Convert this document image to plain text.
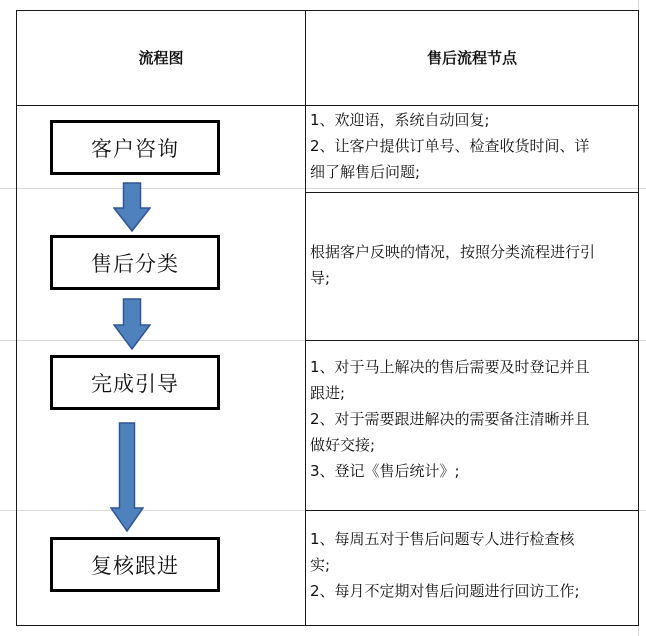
流程图	售后流程节点
客户咨询
售后分类
完成引导
复核跟进

1、欢迎语，系统自动回复;

2、让客户提供订单号、检查收货时间、详

细了解售后问题;

根据客户反映的情况，按照分类流程进行引

导;

1、对于马上解决的售后需要及时登记并且

跟进;

2、对于需要跟进解决的需要备注清晰并且

做好交接;

3、登记《售后统计》;

1、每周五对于售后问题专人进行检查核

实;

2、每月不定期对售后问题进行回访工作;
